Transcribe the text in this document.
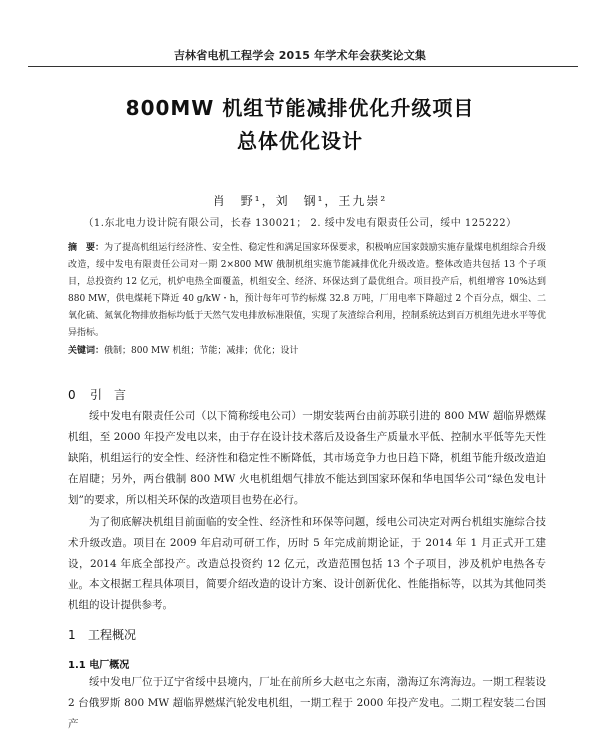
吉林省电机工程学会 2015 年学术年会获奖论文集
800MW 机组节能减排优化升级项目
总体优化设计
肖　野¹，刘　钢¹，王九崇²
（1.东北电力设计院有限公司，长春 130021； 2. 绥中发电有限责任公司，绥中 125222）
摘　要：为了提高机组运行经济性、安全性、稳定性和满足国家环保要求，积极响应国家鼓励实施存量煤电机组综合升级改造，绥中发电有限责任公司对一期 2×800 MW 俄制机组实施节能减排优化升级改造。整体改造共包括 13 个子项目，总投资约 12 亿元，机炉电热全面覆盖，机组安全、经济、环保达到了最优组合。项目投产后，机组增容 10%达到 880 MW，供电煤耗下降近 40 g/kW・h，预计每年可节约标煤 32.8 万吨，厂用电率下降超过 2 个百分点，烟尘、二氧化硫、氮氧化物排放指标均低于天然气发电排放标准限值，实现了灰渣综合利用，控制系统达到百万机组先进水平等优异指标。
关键词：俄制；800 MW 机组；节能；减排；优化；设计
0 引　言
绥中发电有限责任公司（以下简称绥电公司）一期安装两台由前苏联引进的 800 MW 超临界燃煤机组，至 2000 年投产发电以来，由于存在设计技术落后及设备生产质量水平低、控制水平低等先天性缺陷，机组运行的安全性、经济性和稳定性不断降低，其市场竞争力也日趋下降，机组节能升级改造迫在眉睫；另外，两台俄制 800 MW 火电机组烟气排放不能达到国家环保和华电国华公司“绿色发电计划”的要求，所以相关环保的改造项目也势在必行。
为了彻底解决机组目前面临的安全性、经济性和环保等问题，绥电公司决定对两台机组实施综合技术升级改造。项目在 2009 年启动可研工作，历时 5 年完成前期论证，于 2014 年 1 月正式开工建设，2014 年底全部投产。改造总投资约 12 亿元，改造范围包括 13 个子项目，涉及机炉电热各专业。 本文根据工程具体项目，简要介绍改造的设计方案、设计创新优化、性能指标等，以其为其他同类机组的设计提供参考。
1 工程概况
1.1 电厂概况
绥中发电厂位于辽宁省绥中县境内，厂址在前所乡大赵屯之东南，渤海辽东湾海边。一期工程装设 2 台俄罗斯 800 MW 超临界燃煤汽轮发电机组，一期工程于 2000 年投产发电。二期工程安装二台国产
